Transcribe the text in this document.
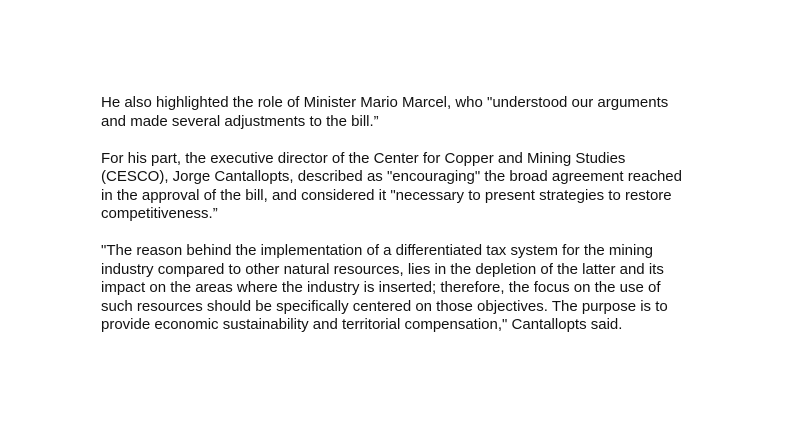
He also highlighted the role of Minister Mario Marcel, who "understood our arguments
and made several adjustments to the bill.”

For his part, the executive director of the Center for Copper and Mining Studies
(CESCO), Jorge Cantallopts, described as "encouraging" the broad agreement reached
in the approval of the bill, and considered it "necessary to present strategies to restore
competitiveness.”

"The reason behind the implementation of a differentiated tax system for the mining
industry compared to other natural resources, lies in the depletion of the latter and its
impact on the areas where the industry is inserted; therefore, the focus on the use of
such resources should be specifically centered on those objectives. The purpose is to
provide economic sustainability and territorial compensation," Cantallopts said.
